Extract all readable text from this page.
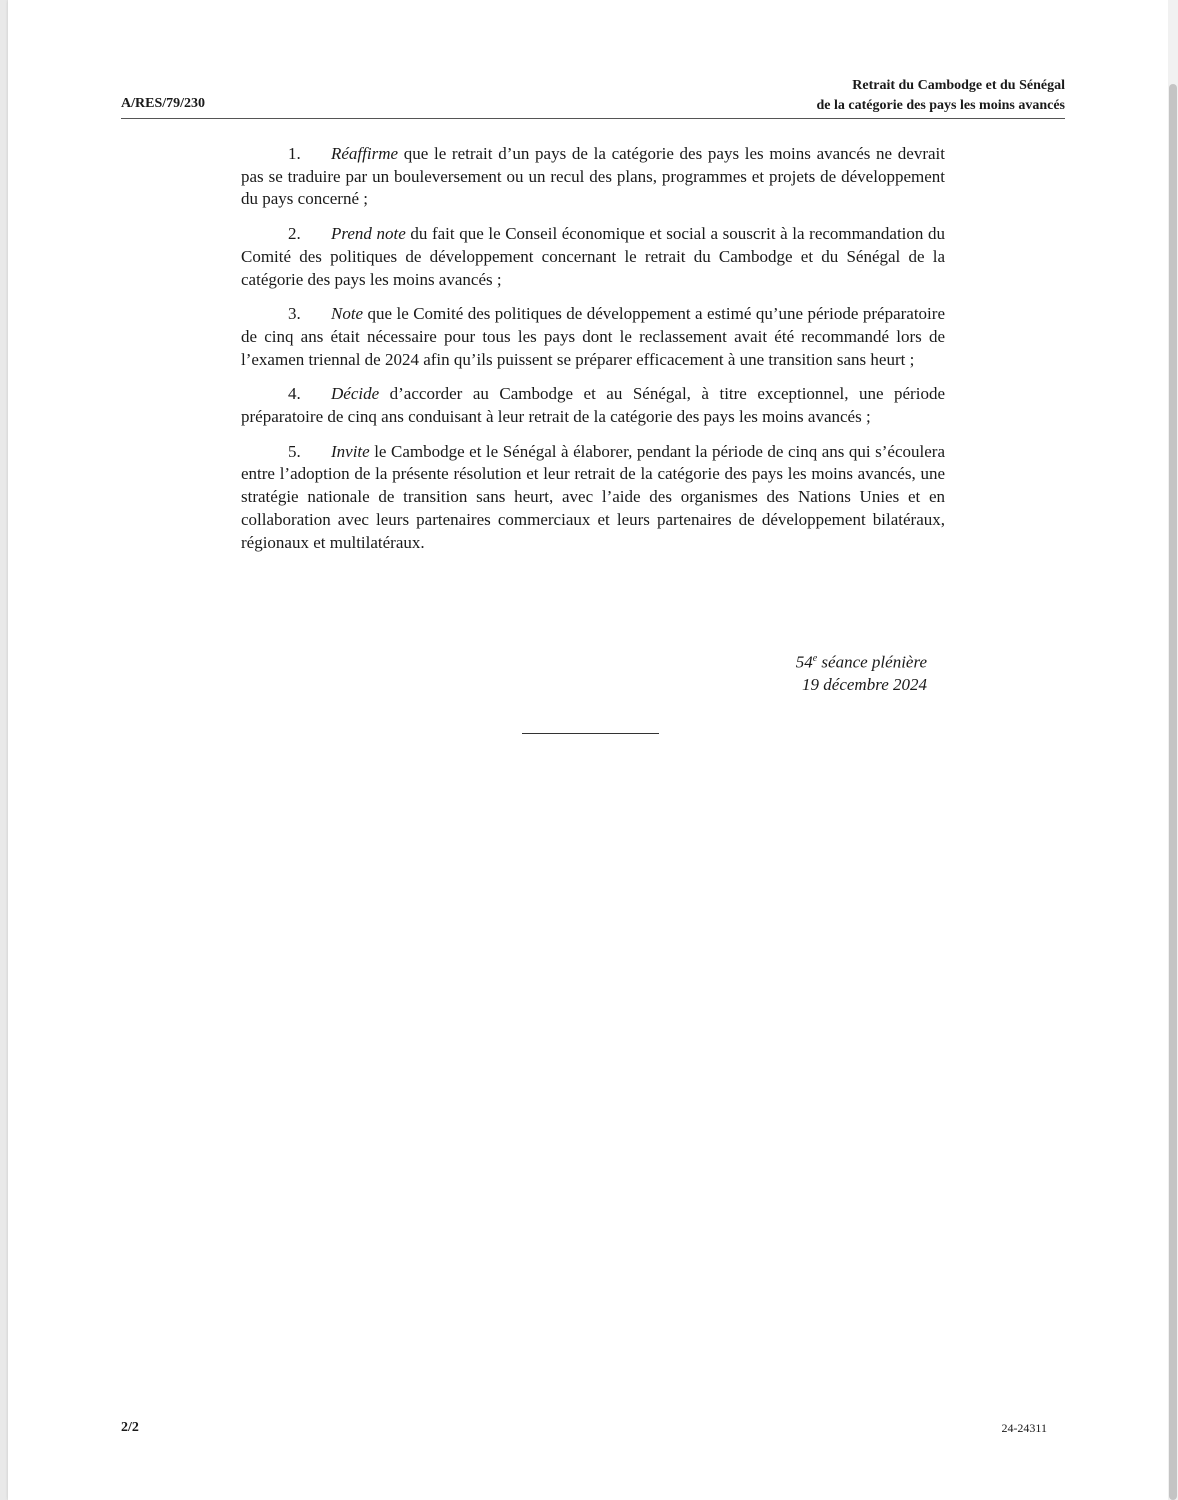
A/RES/79/230
Retrait du Cambodge et du Sénégal
de la catégorie des pays les moins avancés

1. Réaffirme que le retrait d’un pays de la catégorie des pays les moins avancés ne devrait pas se traduire par un bouleversement ou un recul des plans, programmes et projets de développement du pays concerné ;

2. Prend note du fait que le Conseil économique et social a souscrit à la recommandation du Comité des politiques de développement concernant le retrait du Cambodge et du Sénégal de la catégorie des pays les moins avancés ;

3. Note que le Comité des politiques de développement a estimé qu’une période préparatoire de cinq ans était nécessaire pour tous les pays dont le reclassement avait été recommandé lors de l’examen triennal de 2024 afin qu’ils puissent se préparer efficacement à une transition sans heurt ;

4. Décide d’accorder au Cambodge et au Sénégal, à titre exceptionnel, une période préparatoire de cinq ans conduisant à leur retrait de la catégorie des pays les moins avancés ;

5. Invite le Cambodge et le Sénégal à élaborer, pendant la période de cinq ans qui s’écoulera entre l’adoption de la présente résolution et leur retrait de la catégorie des pays les moins avancés, une stratégie nationale de transition sans heurt, avec l’aide des organismes des Nations Unies et en collaboration avec leurs partenaires commerciaux et leurs partenaires de développement bilatéraux, régionaux et multilatéraux.

54e séance plénière
19 décembre 2024
2/2	24-24311
